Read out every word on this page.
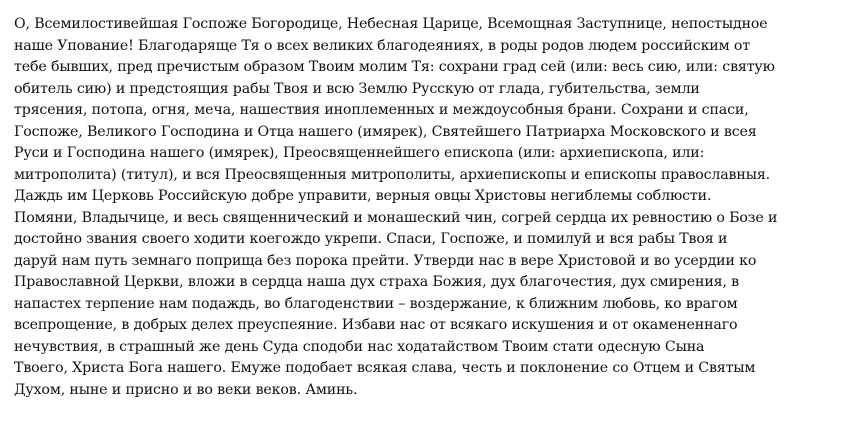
О, Всемилостивейшая Госпоже Богородице, Небесная Царице, Всемощная Заступнице, непостыдное
наше Упование! Благодаряще Тя о всех великих благодеяниях, в роды родов людем российским от
тебе бывших, пред пречистым образом Твоим молим Тя: сохрани град сей (или: весь сию, или: святую
обитель сию) и предстоящия рабы Твоя и всю Землю Русскую от глада, губительства, земли
трясения, потопа, огня, меча, нашествия иноплеменных и междоусобныя брани. Сохрани и спаси,
Госпоже, Великого Господина и Отца нашего (имярек), Святейшего Патриарха Московского и всея
Руси и Господина нашего (имярек), Преосвященнейшего епископа (или: архиепископа, или:
митрополита) (титул), и вся Преосвященныя митрополиты, архиепископы и епископы православныя.
Даждь им Церковь Российскую добре управити, верныя овцы Христовы негиблемы соблюсти.
Помяни, Владычице, и весь священнический и монашеский чин, согрей сердца их ревностию о Бозе и
достойно звания своего ходити коегождо укрепи. Спаси, Госпоже, и помилуй и вся рабы Твоя и
даруй нам путь земнаго поприща без порока прейти. Утверди нас в вере Христовой и во усердии ко
Православной Церкви, вложи в сердца наша дух страха Божия, дух благочестия, дух смирения, в
напастех терпение нам подаждь, во благоденствии – воздержание, к ближним любовь, ко врагом
всепрощение, в добрых делех преуспеяние. Избави нас от всякаго искушения и от окамененнаго
нечувствия, в страшный же день Суда сподоби нас ходатайством Твоим стати одесную Сына
Твоего, Христа Бога нашего. Емуже подобает всякая слава, честь и поклонение со Отцем и Святым
Духом, ныне и присно и во веки веков. Аминь.
